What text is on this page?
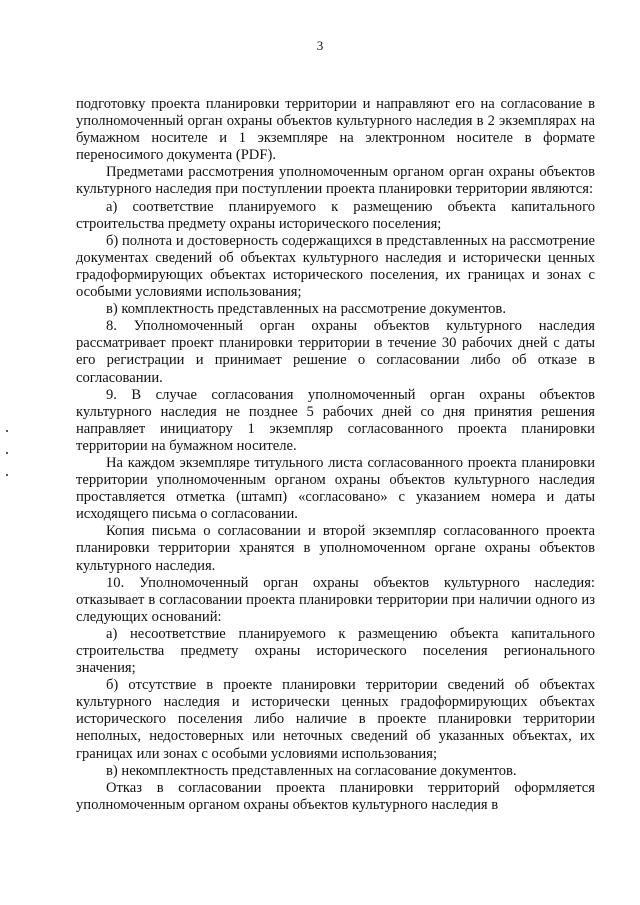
3

подготовку проекта планировки территории и направляют его на согласование в уполномоченный орган охраны объектов культурного наследия в 2 экземплярах на бумажном носителе и 1 экземпляре на электронном носителе в формате переносимого документа (PDF).

Предметами рассмотрения уполномоченным органом орган охраны объектов культурного наследия при поступлении проекта планировки территории являются:

а) соответствие планируемого к размещению объекта капитального строительства предмету охраны исторического поселения;

б) полнота и достоверность содержащихся в представленных на рассмотрение документах сведений об объектах культурного наследия и исторически ценных градоформирующих объектах исторического поселения, их границах и зонах с особыми условиями использования;

в) комплектность представленных на рассмотрение документов.

8. Уполномоченный орган охраны объектов культурного наследия рассматривает проект планировки территории в течение 30 рабочих дней с даты его регистрации и принимает решение о согласовании либо об отказе в согласовании.

9. В случае согласования уполномоченный орган охраны объектов культурного наследия не позднее 5 рабочих дней со дня принятия решения направляет инициатору 1 экземпляр согласованного проекта планировки территории на бумажном носителе.

На каждом экземпляре титульного листа согласованного проекта планировки территории уполномоченным органом охраны объектов культурного наследия проставляется отметка (штамп) «согласовано» с указанием номера и даты исходящего письма о согласовании.

Копия письма о согласовании и второй экземпляр согласованного проекта планировки территории хранятся в уполномоченном органе охраны объектов культурного наследия.

10. Уполномоченный орган охраны объектов культурного наследия: отказывает в согласовании проекта планировки территории при наличии одного из следующих оснований:

а) несоответствие планируемого к размещению объекта капитального строительства предмету охраны исторического поселения регионального значения;

б) отсутствие в проекте планировки территории сведений об объектах культурного наследия и исторически ценных градоформирующих объектах исторического поселения либо наличие в проекте планировки территории неполных, недостоверных или неточных сведений об указанных объектах, их границах или зонах с особыми условиями использования;

в) некомплектность представленных на согласование документов.

Отказ в согласовании проекта планировки территорий оформляется уполномоченным органом охраны объектов культурного наследия в
